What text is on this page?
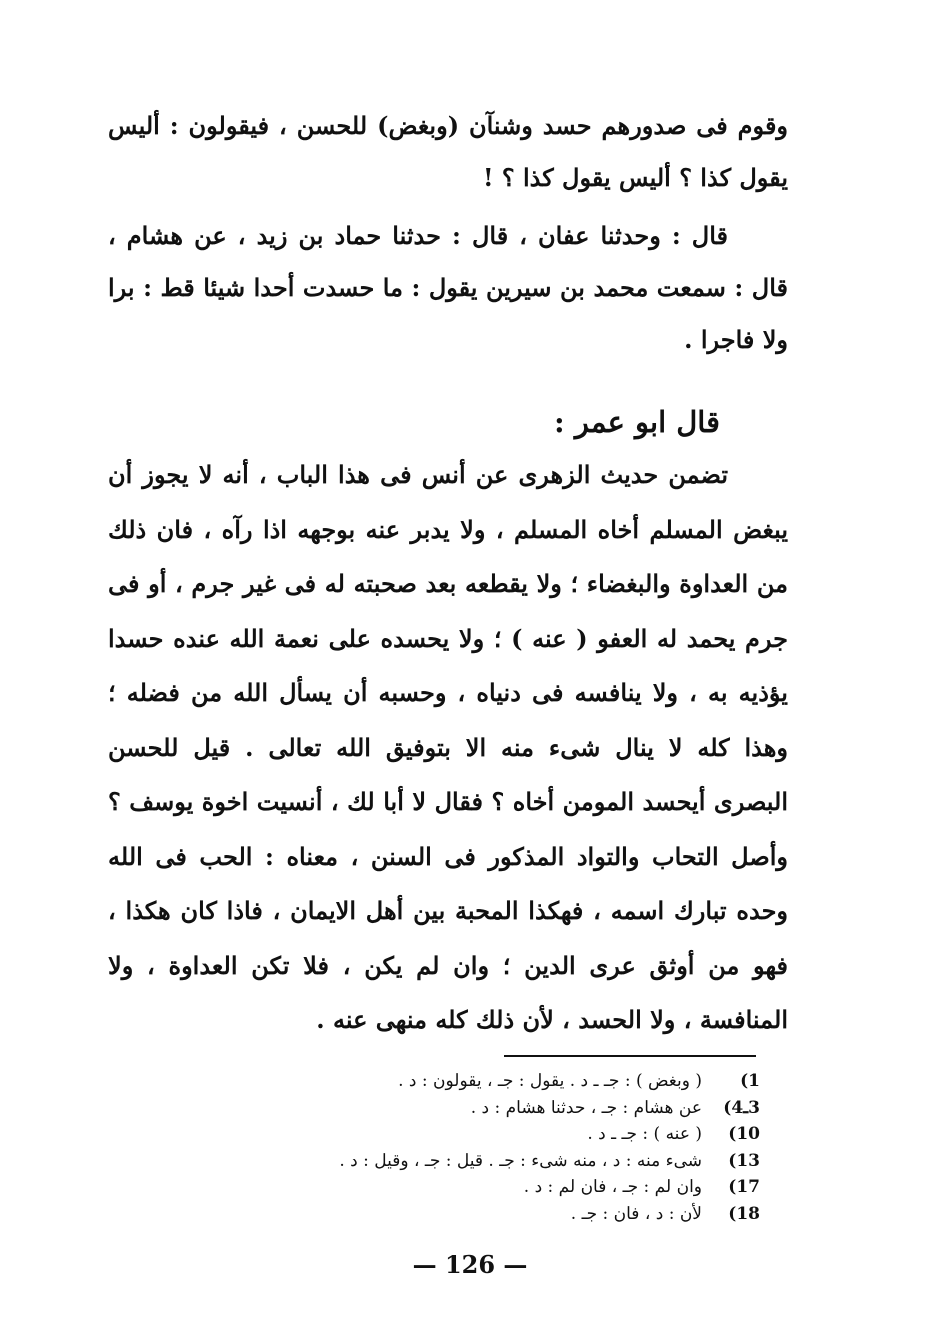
وقوم فى صدورهم حسد وشنآن (وبغض) للحسن ، فيقولون : أليس يقول كذا ؟ أليس يقول كذا ؟ !

قال : وحدثنا عفان ، قال : حدثنا حماد بن زيد ، عن هشام ، قال : سمعت محمد بن سيرين يقول : ما حسدت أحدا شيئا قط : برا ولا فاجرا .

قال ابو عمر :

تضمن حديث الزهرى عن أنس فى هذا الباب ، أنه لا يجوز أن يبغض المسلم أخاه المسلم ، ولا يدبر عنه بوجهه اذا رآه ، فان ذلك من العداوة والبغضاء ؛ ولا يقطعه بعد صحبته له فى غير جرم ، أو فى جرم يحمد له العفو ( عنه ) ؛ ولا يحسده على نعمة الله عنده حسدا يؤذيه به ، ولا ينافسه فى دنياه ، وحسبه أن يسأل الله من فضله ؛ وهذا كله لا ينال شىء منه الا بتوفيق الله تعالى . قيل للحسن البصرى أيحسد المومن أخاه ؟ فقال لا أبا لك ، أنسيت اخوة يوسف ؟ وأصل التحاب والتواد المذكور فى السنن ، معناه : الحب فى الله وحده تبارك اسمه ، فهكذا المحبة بين أهل الايمان ، فاذا كان هكذا ، فهو من أوثق عرى الدين ؛ وان لم يكن ، فلا تكن العداوة ، ولا المنافسة ، ولا الحسد ، لأن ذلك كله منهى عنه .

1)
( وبغض ) : جـ ـ د . يقول : جـ ، يقولون : د .
3ـ4)
عن هشام : جـ ، حدثنا هشام : د .
10)
( عنه ) : جـ ـ د .
13)
شىء منه : د ، منه شىء : جـ . قيل : جـ ، وقيل : د .
17)
وان لم : جـ ، فان لم : د .
18)
لأن : د ، فان : جـ .
— 126 —
